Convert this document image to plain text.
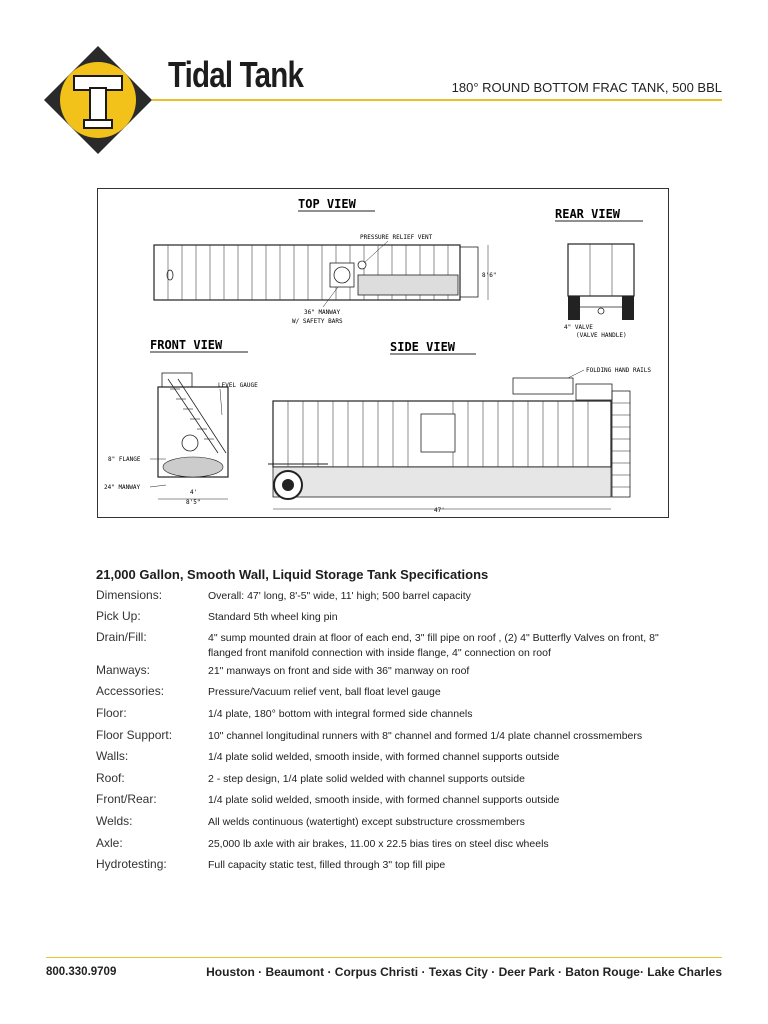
Tidal Tank	180° ROUND BOTTOM FRAC TANK, 500 BBL
TOP VIEW
PRESSURE RELIEF VENT
36" MANWAY
W/ SAFETY BARS
8'6"
REAR VIEW
4" VALVE
(VALVE HANDLE)
FRONT VIEW
LEVEL GAUGE
8" FLANGE
24" MANWAY
4'
8'5"
SIDE VIEW
FOLDING HAND RAILS
47'
21,000 Gallon, Smooth Wall, Liquid Storage Tank Specifications
Dimensions:	Overall: 47' long, 8'-5" wide, 11' high; 500 barrel capacity
Pick Up:	Standard 5th wheel king pin
Drain/Fill:	4" sump mounted drain at floor of each end, 3" fill pipe on roof , (2) 4" Butterfly Valves on front, 8" flanged front manifold connection with inside flange, 4" connection on roof
Manways:	21" manways on front and side with 36" manway on roof
Accessories:	Pressure/Vacuum relief vent, ball float level gauge
Floor:	1/4 plate, 180° bottom with integral formed side channels
Floor Support:	10" channel longitudinal runners with 8" channel and formed 1/4 plate channel crossmembers
Walls:	1/4 plate solid welded, smooth inside, with formed channel supports outside
Roof:	2 - step design, 1/4 plate solid welded with channel supports outside
Front/Rear:	1/4 plate solid welded, smooth inside, with formed channel supports outside
Welds:	All welds continuous (watertight) except substructure crossmembers
Axle:	25,000 lb axle with air brakes, 11.00 x 22.5 bias tires on steel disc wheels
Hydrotesting:	Full capacity static test, filled through 3" top fill pipe
800.330.9709	Houston · Beaumont · Corpus Christi · Texas City · Deer Park · Baton Rouge· Lake Charles
